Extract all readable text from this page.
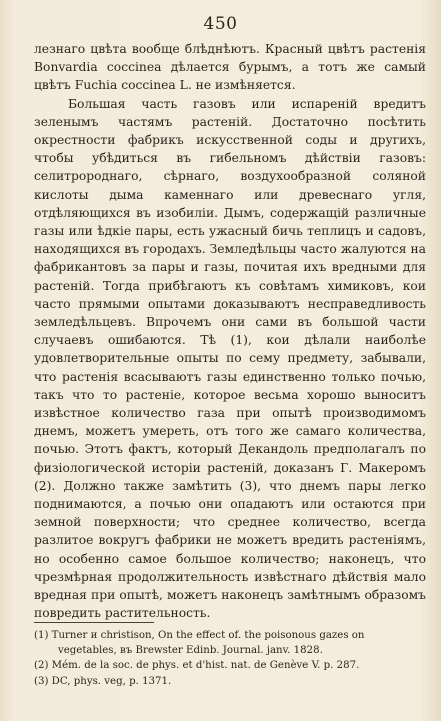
450

лезнаго цвѣта вообще блѣднѣютъ. Красный цвѣтъ растенія Bonvardia coccinea дѣлается бурымъ, а тотъ же самый цвѣтъ Fuchia coccinea L. не измѣняется.

Большая часть газовъ или испареній вредитъ зеленымъ частямъ растеній. Достаточно посѣтить окрестности фабрикъ искусственной соды и другихъ, чтобы убѣдиться въ гибельномъ дѣйствіи газовъ: селитророднаго, сѣрнаго, воздухообразной соляной кислоты дыма каменнаго или древеснаго угля, отдѣляющихся въ изобиліи. Дымъ, содержащій различные газы или ѣдкіе пары, есть ужасный бичь теплицъ и садовъ, находящихся въ городахъ. Земледѣльцы часто жалуются на фабрикантовъ за пары и газы, почитая ихъ вредными для растеній. Тогда прибѣгаютъ къ совѣтамъ химиковъ, кои часто прямыми опытами доказываютъ несправедливость земледѣльцевъ. Впрочемъ они сами въ большой части случаевъ ошибаются. Тѣ (1), кои дѣлали наиболѣе удовлетворительные опыты по сему предмету, забывали, что растенія всасываютъ газы единственно только почью, такъ что то растеніе, которое весьма хорошо выноситъ извѣстное количество газа при опытѣ производимомъ днемъ, можетъ умереть, отъ того же самаго количества, почью. Этотъ фактъ, который Декандоль предполагалъ по физіологической исторіи растеній, доказанъ Г. Макеромъ (2). Должно также замѣтить (3), что днемъ пары легко поднимаются, а почью они опадаютъ или остаются при земной поверхности; что среднее количество, всегда разлитое вокругъ фабрики не можетъ вредить растеніямъ, но особенно самое большое количество; наконецъ, что чрезмѣрная продолжительность извѣстнаго дѣйствія мало вредная при опытѣ, можетъ наконецъ замѣтнымъ образомъ повредить растительность.

(1) Turner и christison, On the effect of. the poisonous gazes on

vegetables, въ Brewster Edinb. Journal. janv. 1828.

(2) Mém. de la soc. de phys. et d'hist. nat. de Genève V. p. 287.

(3) DC, phys. veg, p. 1371.
